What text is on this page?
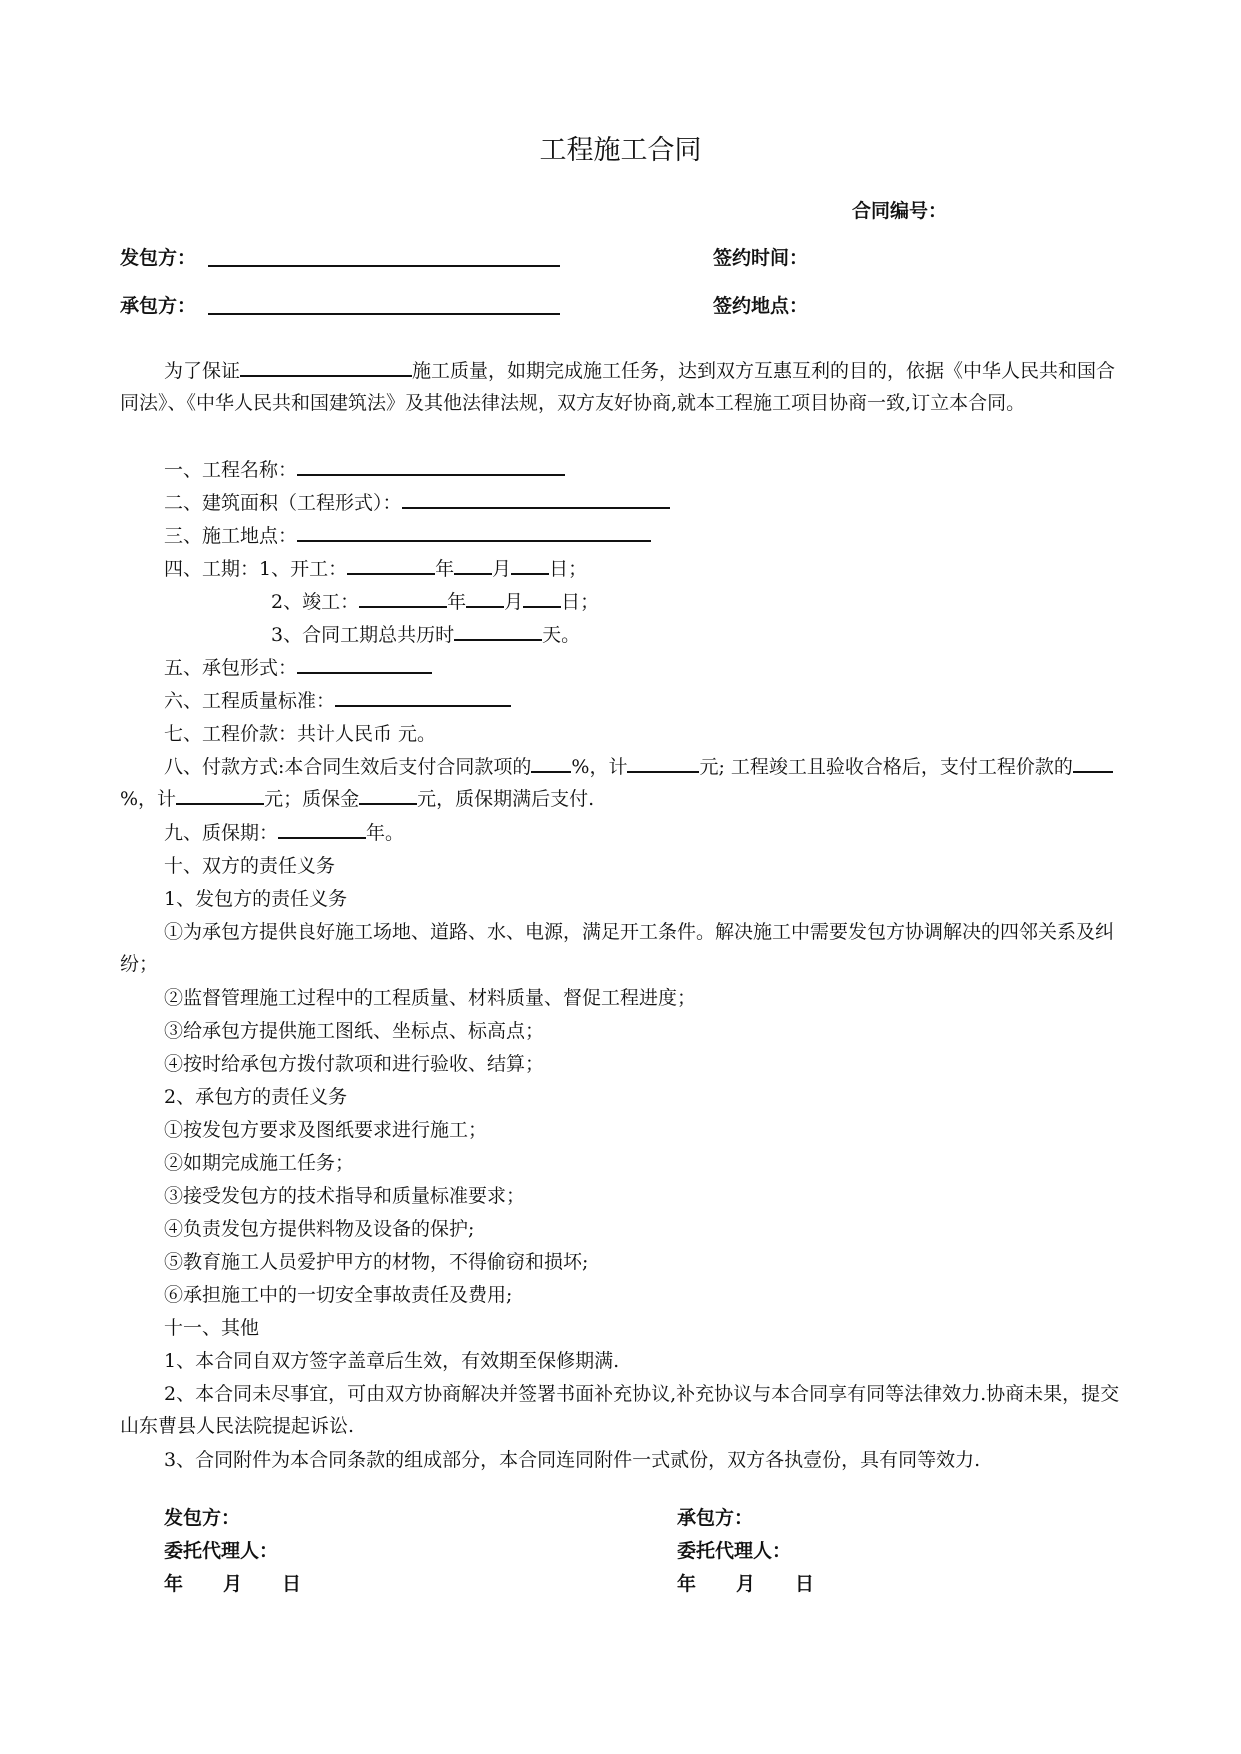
工程施工合同
合同编号：
发包方：	签约时间：
承包方：	签约地点：
为了保证	施工质量，如期完成施工任务，达到双方互惠互利的目的，依据《中华人民共和国合同法》、《中华人民共和国建筑法》及其他法律法规，双方友好协商,就本工程施工项目协商一致,订立本合同。
一、工程名称：
二、建筑面积（工程形式）：
三、施工地点：
四、工期：1、开工：	年 月 日；
2、竣工：	年 月 日；
3、合同工期总共历时	天。
五、承包形式：
六、工程质量标准：
七、工程价款：共计人民币 元。
八、付款方式:本合同生效后支付合同款项的 %，计	元; 工程竣工且验收合格后，支付工程价款的%，计	元；质保金	元，质保期满后支付.
九、质保期：	年。
十、双方的责任义务
1、发包方的责任义务
①为承包方提供良好施工场地、道路、水、电源，满足开工条件。解决施工中需要发包方协调解决的四邻关系及纠纷；
②监督管理施工过程中的工程质量、材料质量、督促工程进度；
③给承包方提供施工图纸、坐标点、标高点；
④按时给承包方拨付款项和进行验收、结算；
2、承包方的责任义务
①按发包方要求及图纸要求进行施工；
②如期完成施工任务；
③接受发包方的技术指导和质量标准要求；
④负责发包方提供料物及设备的保护;
⑤教育施工人员爱护甲方的材物，不得偷窃和损坏;
⑥承担施工中的一切安全事故责任及费用;
十一、其他
1、本合同自双方签字盖章后生效，有效期至保修期满.
2、本合同未尽事宜，可由双方协商解决并签署书面补充协议,补充协议与本合同享有同等法律效力.协商未果，提交山东曹县人民法院提起诉讼.
3、合同附件为本合同条款的组成部分，本合同连同附件一式贰份，双方各执壹份，具有同等效力.
发包方：
委托代理人：
年 月 日
承包方：
委托代理人：
年 月 日
